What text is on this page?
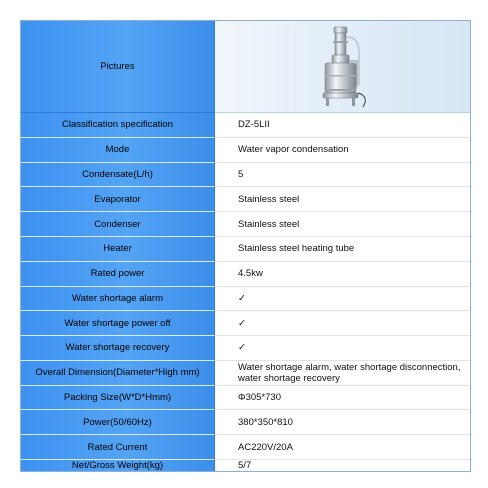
Pictures
Classification specification	DZ-5LII
Mode	Water vapor condensation
Condensate(L/h)	5
Evaporator	Stainless steel
Condenser	Stainless steel
Heater	Stainless steel heating tube
Rated power	4.5kw
Water shortage alarm	✓
Water shortage power off	✓
Water shortage recovery	✓
Overall Dimension(Diameter*High mm)	Water shortage alarm, water shortage disconnection, water shortage recovery
Packing Size(W*D*Hmm)	Φ305*730
Power(50/60Hz)	380*350*810
Rated Current	AC220V/20A
Net/Gross Weight(kg)	5/7
